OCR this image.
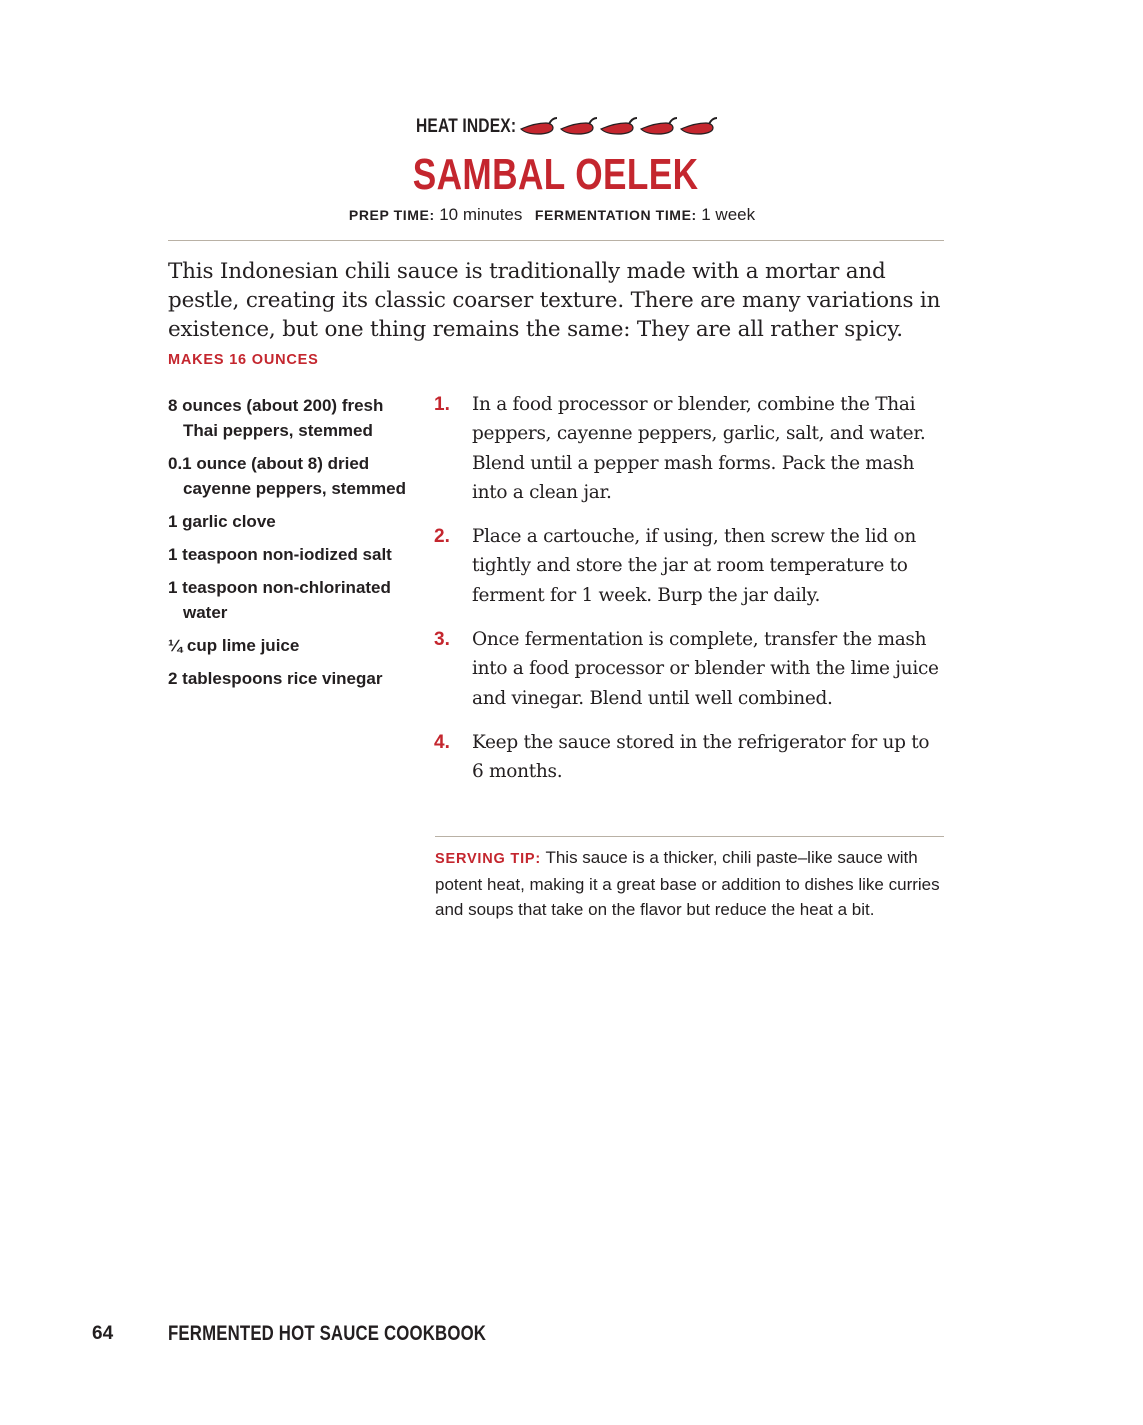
HEAT INDEX:
SAMBAL OELEK
PREP TIME: 10 minutes FERMENTATION TIME: 1 week

This Indonesian chili sauce is traditionally made with a mortar and pestle, creating its classic coarser texture. There are many variations in existence, but one thing remains the same: They are all rather spicy.

MAKES 16 OUNCES
8 ounces (about 200) fresh Thai peppers, stemmed
0.1 ounce (about 8) dried cayenne peppers, stemmed
1 garlic clove
1 teaspoon non-iodized salt
1 teaspoon non-chlorinated water
¼ cup lime juice
2 tablespoons rice vinegar
1.	In a food processor or blender, combine the Thai peppers, cayenne peppers, garlic, salt, and water. Blend until a pepper mash forms. Pack the mash into a clean jar.
2.	Place a cartouche, if using, then screw the lid on tightly and store the jar at room temperature to ferment for 1 week. Burp the jar daily.
3.	Once fermentation is complete, transfer the mash into a food processor or blender with the lime juice and vinegar. Blend until well combined.
4.	Keep the sauce stored in the refrigerator for up to 6 months.
SERVING TIP: This sauce is a thicker, chili paste–like sauce with potent heat, making it a great base or addition to dishes like curries and soups that take on the flavor but reduce the heat a bit.
64	FERMENTED HOT SAUCE COOKBOOK
